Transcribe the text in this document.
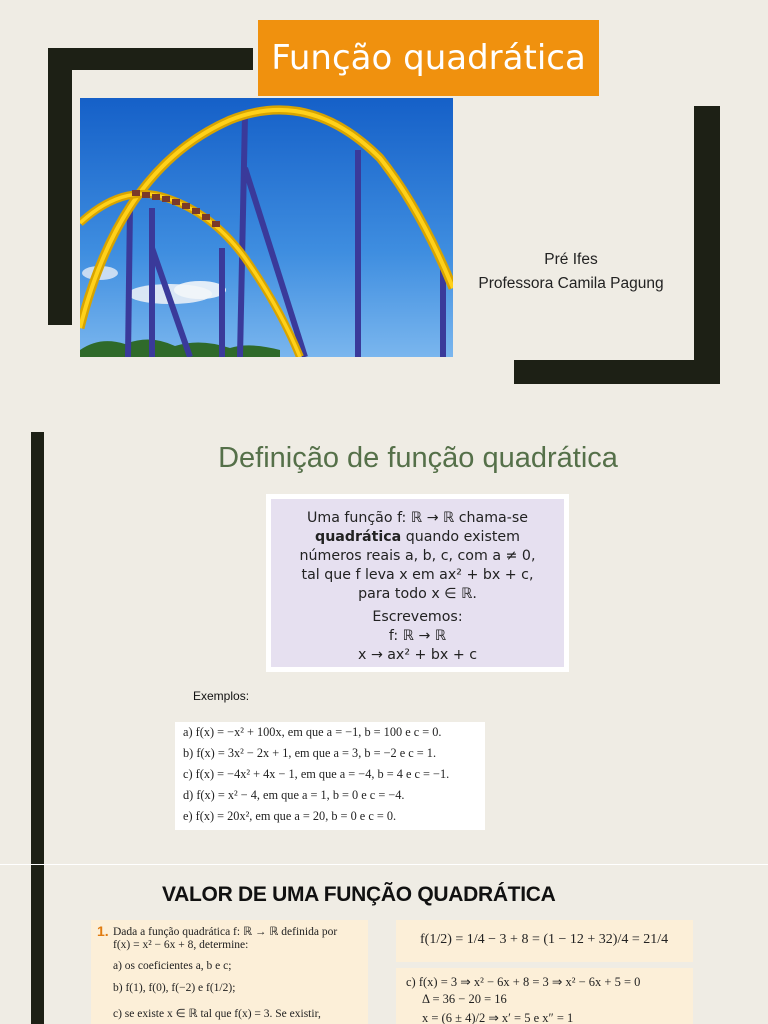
Função quadrática
Pré Ifes
Professora Camila Pagung
Definição de função quadrática
Uma função f: ℝ → ℝ chama-se
quadrática quando existem
números reais a, b, c, com a ≠ 0,
tal que f leva x em ax² + bx + c,
para todo x ∈ ℝ.
Escrevemos:
f: ℝ → ℝ
x → ax² + bx + c
Exemplos:
a) f(x) = −x² + 100x, em que a = −1, b = 100 e c = 0.
b) f(x) = 3x² − 2x + 1, em que a = 3, b = −2 e c = 1.
c) f(x) = −4x² + 4x − 1, em que a = −4, b = 4 e c = −1.
d) f(x) = x² − 4, em que a = 1, b = 0 e c = −4.
e) f(x) = 20x², em que a = 20, b = 0 e c = 0.
VALOR DE UMA FUNÇÃO QUADRÁTICA
1. Dada a função quadrática f: ℝ → ℝ definida por
f(x) = x² − 6x + 8, determine:
a) os coeficientes a, b e c;
b) f(1), f(0), f(−2) e f(1/2);
c) se existe x ∈ ℝ tal que f(x) = 3. Se existir,
f(1/2) = 1/4 − 3 + 8 = (1 − 12 + 32)/4 = 21/4
c) f(x) = 3 ⇒ x² − 6x + 8 = 3 ⇒ x² − 6x + 5 = 0
Δ = 36 − 20 = 16
x = (6 ± 4)/2 ⇒ x′ = 5 e x″ = 1
